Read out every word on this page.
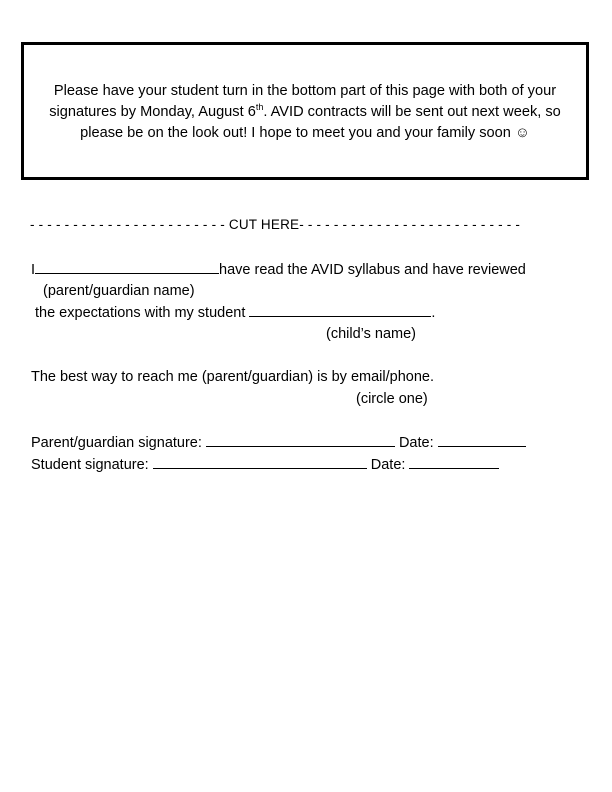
Please have your student turn in the bottom part of this page with both of your signatures by Monday, August 6th. AVID contracts will be sent out next week, so please be on the look out! I hope to meet you and your family soon ☺
- - - - - - - - - - - - - - - - - - - - - - - CUT HERE- - - - - - - - - - - - - - - - - - - - - - - - - -
I	have read the AVID syllabus and have reviewed
(parent/guardian name)
the expectations with my student	.
(child’s name)
The best way to reach me (parent/guardian) is by email/phone.
(circle one)
Parent/guardian signature:	Date:
Student signature:	Date:
